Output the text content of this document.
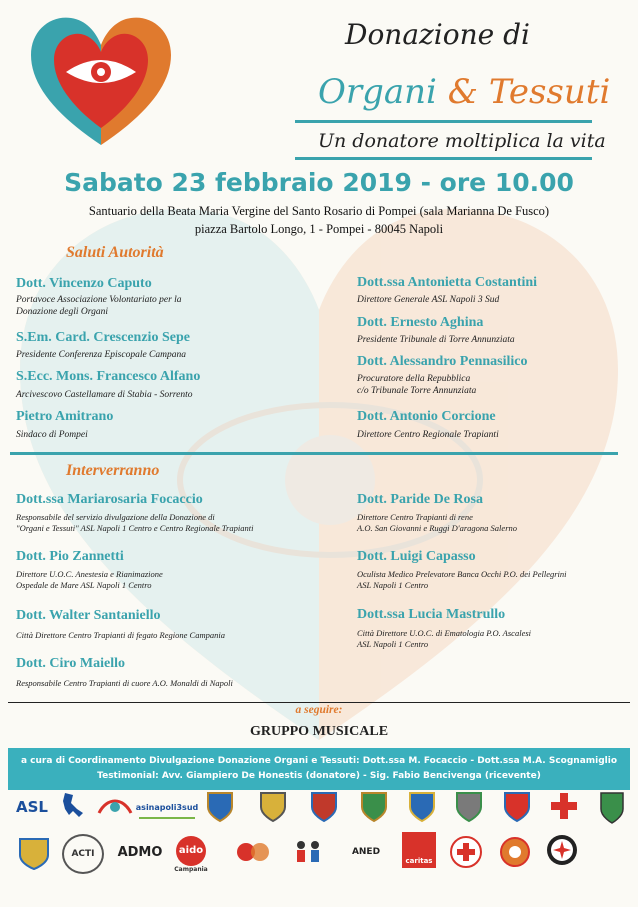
Donazione di
Organi & Tessuti
Un donatore moltiplica la vita
Sabato 23 febbraio 2019 - ore 10.00
Santuario della Beata Maria Vergine del Santo Rosario di Pompei (sala Marianna De Fusco)
piazza Bartolo Longo, 1 - Pompei - 80045 Napoli
Saluti Autorità
Dott. Vincenzo Caputo
Portavoce Associazione Volontariato per la
Donazione degli Organi
S.Em. Card. Crescenzio Sepe
Presidente Conferenza Episcopale Campana
S.Ecc. Mons. Francesco Alfano
Arcivescovo Castellamare di Stabia - Sorrento
Pietro Amitrano
Sindaco di Pompei
Dott.ssa Antonietta Costantini
Direttore Generale ASL Napoli 3 Sud
Dott. Ernesto Aghina
Presidente Tribunale di Torre Annunziata
Dott. Alessandro Pennasilico
Procuratore della Repubblica
c/o Tribunale Torre Annunziata
Dott. Antonio Corcione
Direttore Centro Regionale Trapianti
Interverranno
Dott.ssa Mariarosaria Focaccio
Responsabile del servizio divulgazione della Donazione di
"Organi e Tessuti" ASL Napoli 1 Centro e Centro Regionale Trapianti
Dott. Pio Zannetti
Direttore U.O.C. Anestesia e Rianimazione
Ospedale de Mare ASL Napoli 1 Centro
Dott. Walter Santaniello
Città Direttore Centro Trapianti di fegato Regione Campania
Dott. Ciro Maiello
Responsabile Centro Trapianti di cuore A.O. Monaldi di Napoli
Dott. Paride De Rosa
Direttore Centro Trapianti di rene
A.O. San Giovanni e Ruggi D'aragona Salerno
Dott. Luigi Capasso
Oculista Medico Prelevatore Banca Occhi P.O. dei Pellegrini
ASL Napoli 1 Centro
Dott.ssa Lucia Mastrullo
Città Direttore U.O.C. di Ematologia P.O. Ascalesi
ASL Napoli 1 Centro
a seguire:
GRUPPO MUSICALE
a cura di Coordinamento Divulgazione Donazione Organi e Tessuti: Dott.ssa M. Focaccio - Dott.ssa M.A. Scognamiglio
Testimonial: Avv. Giampiero De Honestis (donatore) - Sig. Fabio Bencivenga (ricevente)
ASL	asinapoli3sud
ACTI	ADMO	aido
Campania
ANED
caritas
